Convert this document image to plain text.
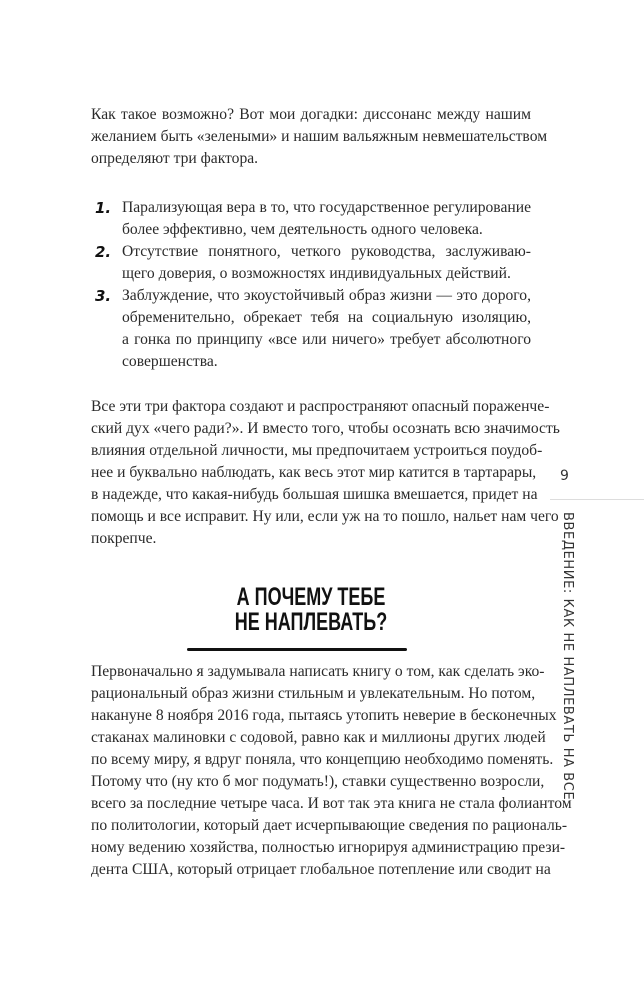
Как такое возможно? Вот мои догадки: диссонанс между нашим
желанием быть «зелеными» и нашим вальяжным невмешательством
определяют три фактора.
1. Парализующая вера в то, что государственное регулирование
более эффективно, чем деятельность одного человека.
2. Отсутствие понятного, четкого руководства, заслуживаю-
щего доверия, о возможностях индивидуальных действий.
3. Заблуждение, что экоустойчивый образ жизни — это дорого,
обременительно, обрекает тебя на социальную изоляцию,
а гонка по принципу «все или ничего» требует абсолютного
совершенства.
Все эти три фактора создают и распространяют опасный пораженче-
ский дух «чего ради?». И вместо того, чтобы осознать всю значимость
влияния отдельной личности, мы предпочитаем устроиться поудоб-
нее и буквально наблюдать, как весь этот мир катится в тартарары,
в надежде, что какая-нибудь большая шишка вмешается, придет на
помощь и все исправит. Ну или, если уж на то пошло, нальет нам чего
покрепче.
А ПОЧЕМУ ТЕБЕ
НЕ НАПЛЕВАТЬ?
Первоначально я задумывала написать книгу о том, как сделать эко-
рациональный образ жизни стильным и увлекательным. Но потом,
накануне 8 ноября 2016 года, пытаясь утопить неверие в бесконечных
стаканах малиновки с содовой, равно как и миллионы других людей
по всему миру, я вдруг поняла, что концепцию необходимо поменять.
Потому что (ну кто б мог подумать!), ставки существенно возросли,
всего за последние четыре часа. И вот так эта книга не стала фолиантом
по политологии, который дает исчерпывающие сведения по рациональ-
ному ведению хозяйства, полностью игнорируя администрацию прези-
дента США, который отрицает глобальное потепление или сводит на
9
ВВЕДЕНИЕ: КАК НЕ НАПЛЕВАТЬ НА ВСЕ
